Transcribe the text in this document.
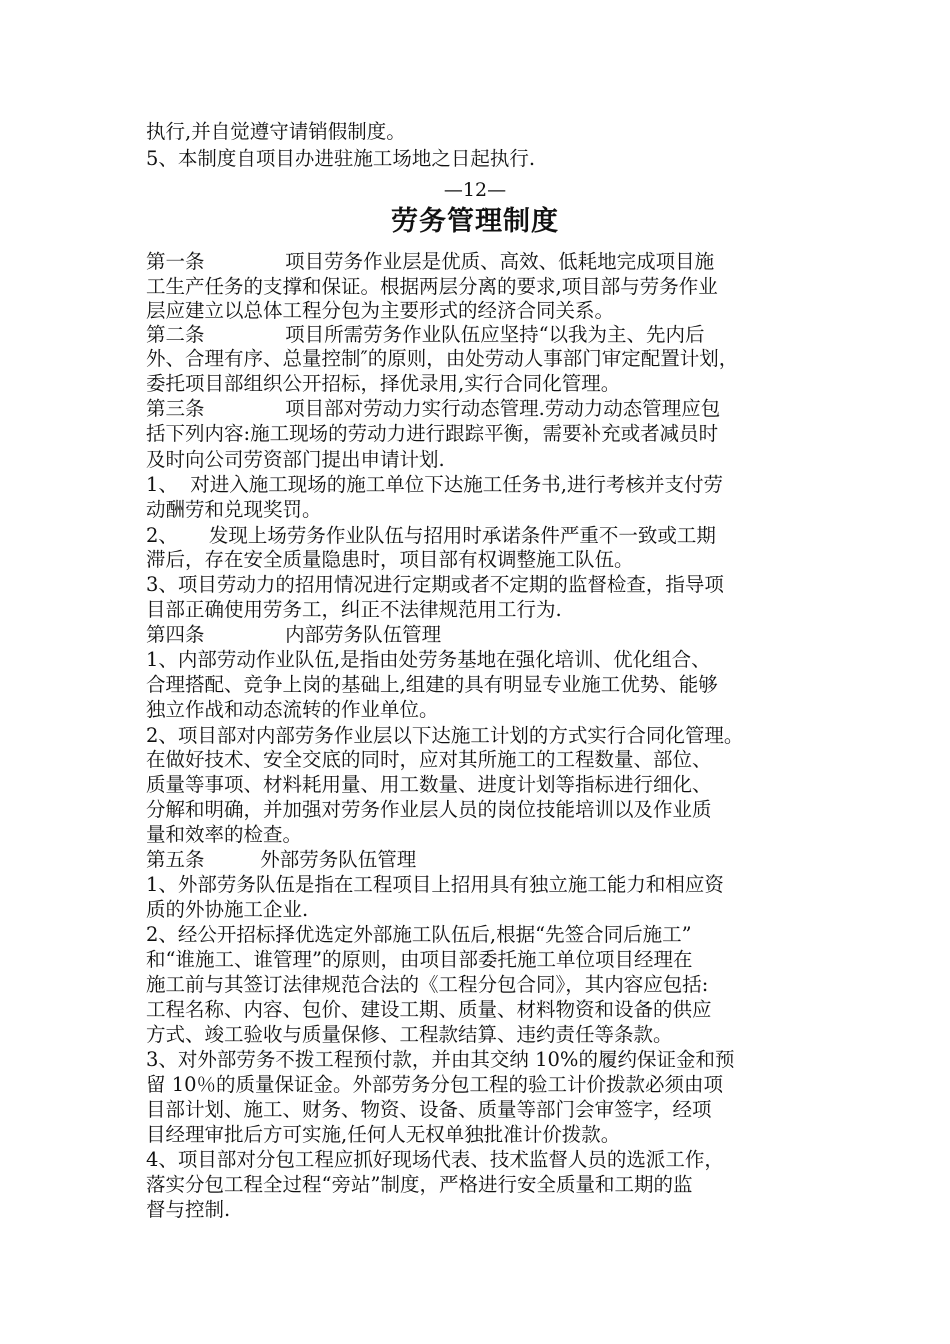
执行,并自觉遵守请销假制度。
5、本制度自项目办进驻施工场地之日起执行.
—12—
劳务管理制度
第一条             项目劳务作业层是优质、高效、低耗地完成项目施
工生产任务的支撑和保证。根据两层分离的要求,项目部与劳务作业
层应建立以总体工程分包为主要形式的经济合同关系。
第二条             项目所需劳务作业队伍应坚持“以我为主、先内后
外、合理有序、总量控制″的原则，由处劳动人事部门审定配置计划，
委托项目部组织公开招标，择优录用,实行合同化管理。
第三条             项目部对劳动力实行动态管理.劳动力动态管理应包
括下列内容:施工现场的劳动力进行跟踪平衡，需要补充或者减员时
及时向公司劳资部门提出申请计划.
1、  对进入施工现场的施工单位下达施工任务书,进行考核并支付劳
动酬劳和兑现奖罚。
2、     发现上场劳务作业队伍与招用时承诺条件严重不一致或工期
滞后，存在安全质量隐患时，项目部有权调整施工队伍。
3、项目劳动力的招用情况进行定期或者不定期的监督检查，指导项
目部正确使用劳务工，纠正不法律规范用工行为.
第四条             内部劳务队伍管理
1、内部劳动作业队伍,是指由处劳务基地在强化培训、优化组合、
合理搭配、竞争上岗的基础上,组建的具有明显专业施工优势、能够
独立作战和动态流转的作业单位。
2、项目部对内部劳务作业层以下达施工计划的方式实行合同化管理。
在做好技术、安全交底的同时，应对其所施工的工程数量、部位、
质量等事项、材料耗用量、用工数量、进度计划等指标进行细化、
分解和明确，并加强对劳务作业层人员的岗位技能培训以及作业质
量和效率的检查。
第五条         外部劳务队伍管理
1、外部劳务队伍是指在工程项目上招用具有独立施工能力和相应资
质的外协施工企业.
2、经公开招标择优选定外部施工队伍后,根据“先签合同后施工”
和“谁施工、谁管理”的原则，由项目部委托施工单位项目经理在
施工前与其签订法律规范合法的《工程分包合同》，其内容应包括:
工程名称、内容、包价、建设工期、质量、材料物资和设备的供应
方式、竣工验收与质量保修、工程款结算、违约责任等条款。
3、对外部劳务不拨工程预付款，并由其交纳 10%的履约保证金和预
留 10％的质量保证金。外部劳务分包工程的验工计价拨款必须由项
目部计划、施工、财务、物资、设备、质量等部门会审签字，经项
目经理审批后方可实施,任何人无权单独批准计价拨款。
4、项目部对分包工程应抓好现场代表、技术监督人员的选派工作，
落实分包工程全过程“旁站”制度，严格进行安全质量和工期的监
督与控制.
